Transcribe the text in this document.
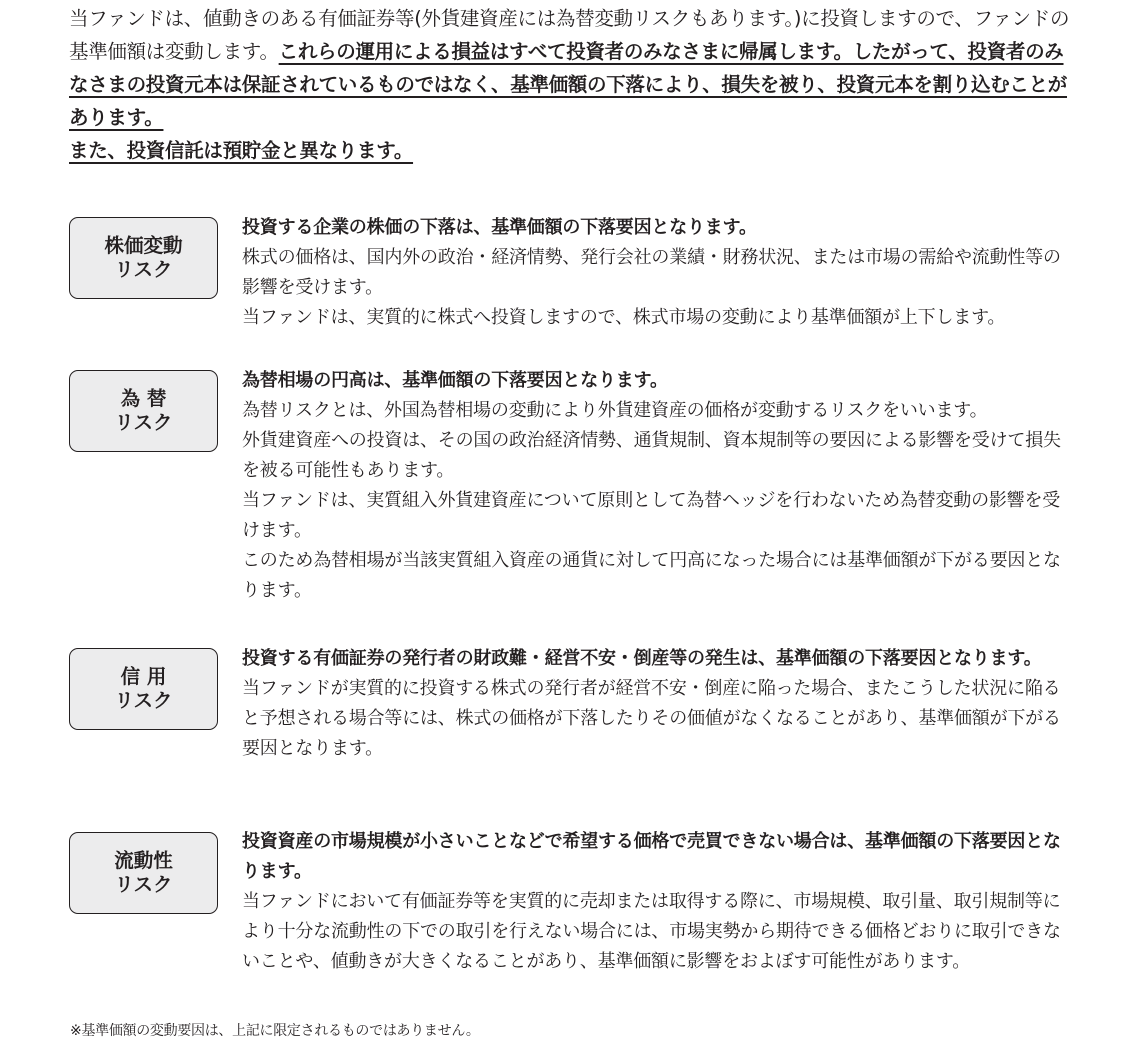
当ファンドは、値動きのある有価証券等(外貨建資産には為替変動リスクもあります。)に投資しますので、ファンドの基準価額は変動します。これらの運用による損益はすべて投資者のみなさまに帰属します。したがって、投資者のみなさまの投資元本は保証されているものではなく、基準価額の下落により、損失を被り、投資元本を割り込むことがあります。
また、投資信託は預貯金と異なります。
株価変動
リスク

投資する企業の株価の下落は、基準価額の下落要因となります。

株式の価格は、国内外の政治・経済情勢、発行会社の業績・財務状況、または市場の需給や流動性等の影響を受けます。

当ファンドは、実質的に株式へ投資しますので、株式市場の変動により基準価額が上下します。

為 替
リスク

為替相場の円高は、基準価額の下落要因となります。

為替リスクとは、外国為替相場の変動により外貨建資産の価格が変動するリスクをいいます。

外貨建資産への投資は、その国の政治経済情勢、通貨規制、資本規制等の要因による影響を受けて損失を被る可能性もあります。

当ファンドは、実質組入外貨建資産について原則として為替ヘッジを行わないため為替変動の影響を受けます。

このため為替相場が当該実質組入資産の通貨に対して円高になった場合には基準価額が下がる要因となります。

信 用
リスク

投資する有価証券の発行者の財政難・経営不安・倒産等の発生は、基準価額の下落要因となります。

当ファンドが実質的に投資する株式の発行者が経営不安・倒産に陥った場合、またこうした状況に陥ると予想される場合等には、株式の価格が下落したりその価値がなくなることがあり、基準価額が下がる要因となります。

流動性
リスク

投資資産の市場規模が小さいことなどで希望する価格で売買できない場合は、基準価額の下落要因となります。

当ファンドにおいて有価証券等を実質的に売却または取得する際に、市場規模、取引量、取引規制等により十分な流動性の下での取引を行えない場合には、市場実勢から期待できる価格どおりに取引できないことや、値動きが大きくなることがあり、基準価額に影響をおよぼす可能性があります。

※基準価額の変動要因は、上記に限定されるものではありません。
